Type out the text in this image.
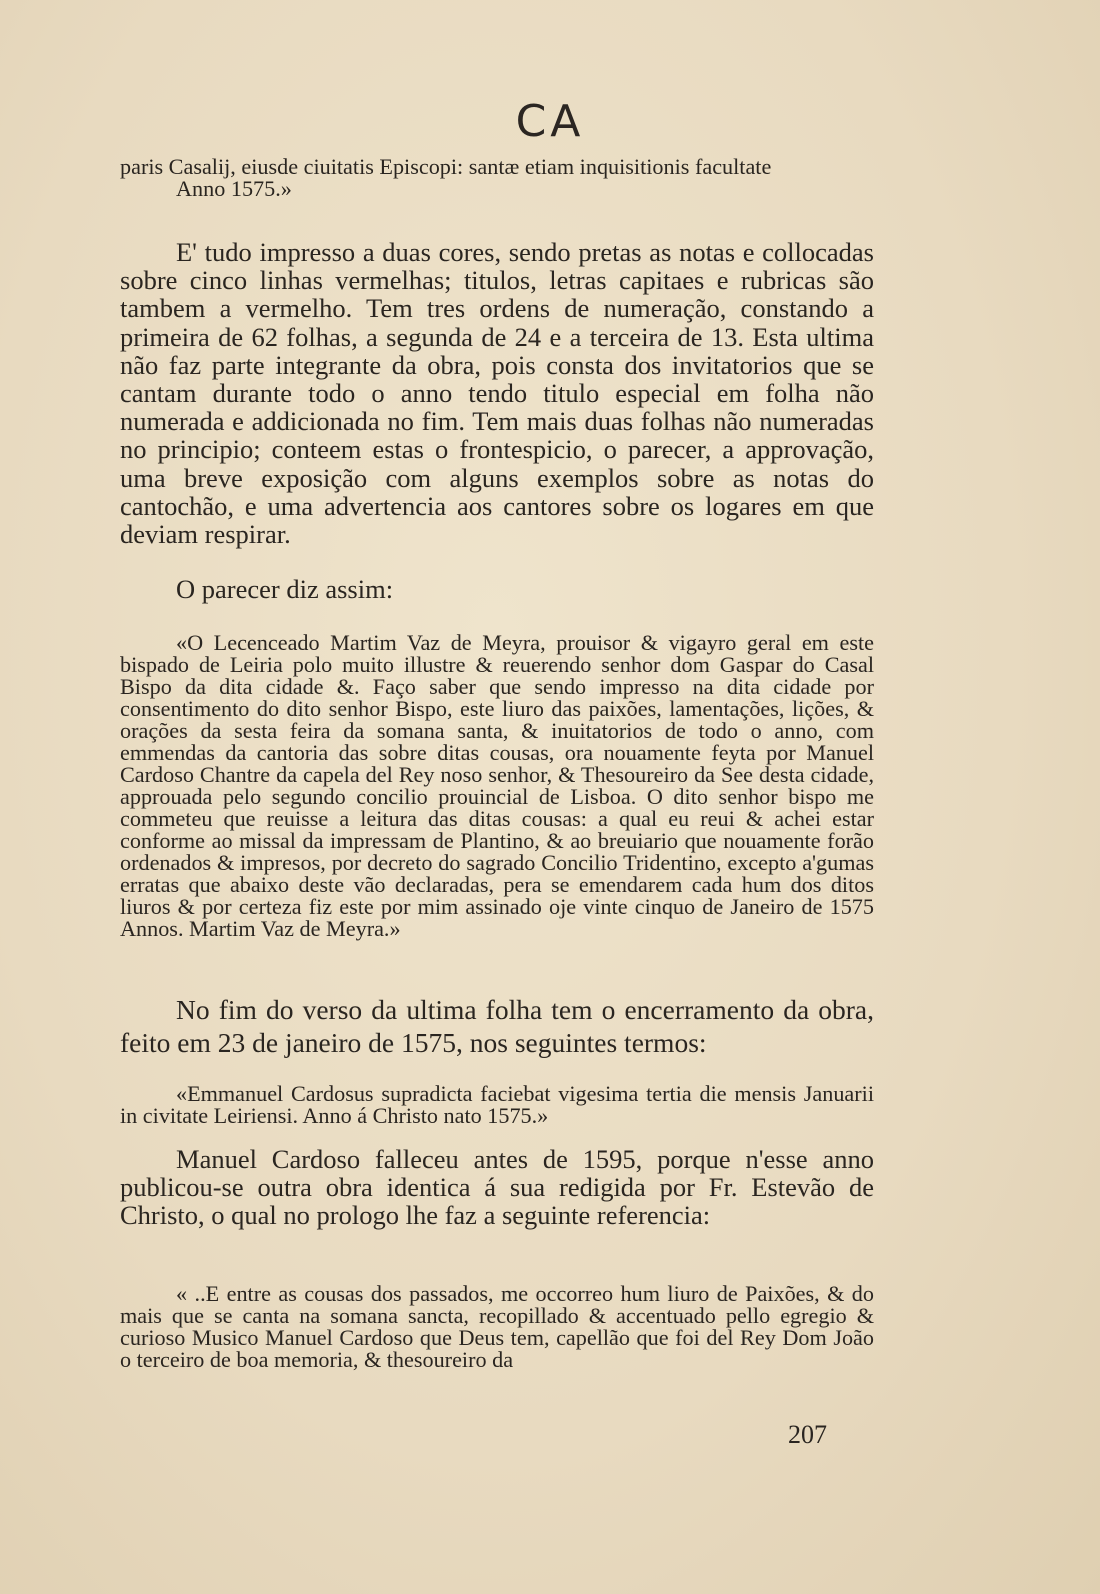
CA

paris Casalij, eiusde ciuitatis Episcopi: santæ etiam inquisitionis facultate

Anno 1575.»

E' tudo impresso a duas cores, sendo pretas as notas e collocadas sobre cinco linhas vermelhas; titulos, letras capitaes e rubricas são tambem a vermelho. Tem tres ordens de numeração, constando a primeira de 62 folhas, a segunda de 24 e a terceira de 13. Esta ultima não faz parte integrante da obra, pois consta dos invitatorios que se cantam durante todo o anno tendo titulo especial em folha não numerada e addicionada no fim. Tem mais duas folhas não numeradas no principio; conteem estas o frontespicio, o parecer, a approvação, uma breve exposição com alguns exemplos sobre as notas do cantochão, e uma advertencia aos cantores sobre os logares em que deviam respirar.

O parecer diz assim:

«O Lecenceado Martim Vaz de Meyra, prouisor & vigayro geral em este bispado de Leiria polo muito illustre & reuerendo senhor dom Gaspar do Casal Bispo da dita cidade &. Faço saber que sendo impresso na dita cidade por consentimento do dito senhor Bispo, este liuro das paixões, lamentações, lições, & orações da sesta feira da somana santa, & inuitatorios de todo o anno, com emmendas da cantoria das sobre ditas cousas, ora nouamente feyta por Manuel Cardoso Chantre da capela del Rey noso senhor, & Thesoureiro da See desta cidade, approuada pelo segundo concilio prouincial de Lisboa. O dito senhor bispo me commeteu que reuisse a leitura das ditas cousas: a qual eu reui & achei estar conforme ao missal da impressam de Plantino, & ao breuiario que nouamente forão ordenados & impresos, por decreto do sagrado Concilio Tridentino, excepto a'gumas erratas que abaixo deste vão declaradas, pera se emendarem cada hum dos ditos liuros & por certeza fiz este por mim assinado oje vinte cinquo de Janeiro de 1575 Annos. Martim Vaz de Meyra.»

No fim do verso da ultima folha tem o encerramento da obra, feito em 23 de janeiro de 1575, nos seguintes termos:

«Emmanuel Cardosus supradicta faciebat vigesima tertia die mensis Januarii in civitate Leiriensi. Anno á Christo nato 1575.»

Manuel Cardoso falleceu antes de 1595, porque n'esse anno publicou-se outra obra identica á sua redigida por Fr. Estevão de Christo, o qual no prologo lhe faz a seguinte referencia:

« ..E entre as cousas dos passados, me occorreo hum liuro de Paixões, & do mais que se canta na somana sancta, recopillado & accentuado pello egregio & curioso Musico Manuel Cardoso que Deus tem, capellão que foi del Rey Dom João o terceiro de boa memoria, & thesoureiro da

207
